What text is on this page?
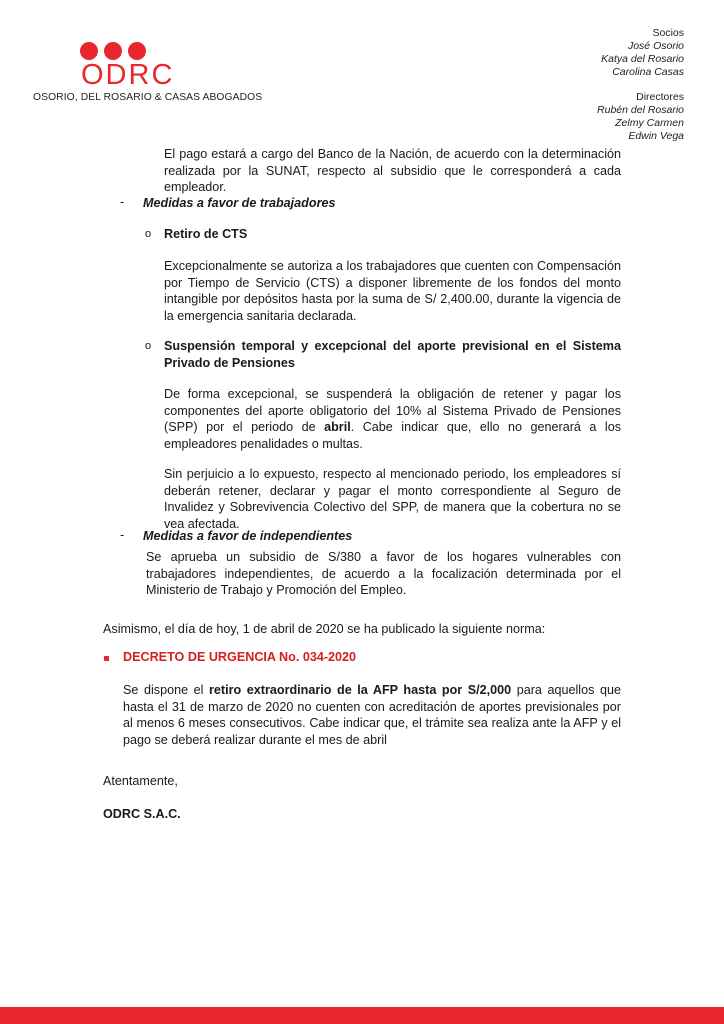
ODRC
OSORIO, DEL ROSARIO & CASAS ABOGADOS
Socios
José Osorio
Katya del Rosario
Carolina Casas
Directores
Rubén del Rosario
Zelmy Carmen
Edwin Vega

El pago estará a cargo del Banco de la Nación, de acuerdo con la determinación realizada por la SUNAT, respecto al subsidio que le corresponderá a cada empleador.

- Medidas a favor de trabajadores

o Retiro de CTS

Excepcionalmente se autoriza a los trabajadores que cuenten con Compensación por Tiempo de Servicio (CTS) a disponer libremente de los fondos del monto intangible por depósitos hasta por la suma de S/ 2,400.00, durante la vigencia de la emergencia sanitaria declarada.

o Suspensión temporal y excepcional del aporte previsional en el Sistema Privado de Pensiones

De forma excepcional, se suspenderá la obligación de retener y pagar los componentes del aporte obligatorio del 10% al Sistema Privado de Pensiones (SPP) por el periodo de abril. Cabe indicar que, ello no generará a los empleadores penalidades o multas.

Sin perjuicio a lo expuesto, respecto al mencionado periodo, los empleadores sí deberán retener, declarar y pagar el monto correspondiente al Seguro de Invalidez y Sobrevivencia Colectivo del SPP, de manera que la cobertura no se vea afectada.

- Medidas a favor de independientes

Se aprueba un subsidio de S/380 a favor de los hogares vulnerables con trabajadores independientes, de acuerdo a la focalización determinada por el Ministerio de Trabajo y Promoción del Empleo.

Asimismo, el día de hoy, 1 de abril de 2020 se ha publicado la siguiente norma:

DECRETO DE URGENCIA No. 034-2020

Se dispone el retiro extraordinario de la AFP hasta por S/2,000 para aquellos que hasta el 31 de marzo de 2020 no cuenten con acreditación de aportes previsionales por al menos 6 meses consecutivos. Cabe indicar que, el trámite sea realiza ante la AFP y el pago se deberá realizar durante el mes de abril

Atentamente,

ODRC S.A.C.
